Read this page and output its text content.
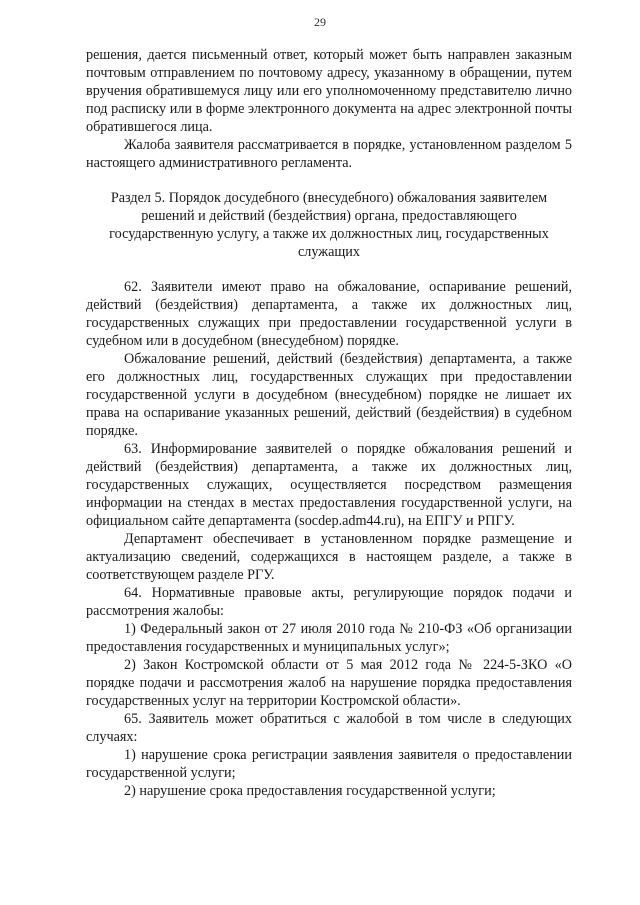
29

решения, дается письменный ответ, который может быть направлен заказным почтовым отправлением по почтовому адресу, указанному в обращении, путем вручения обратившемуся лицу или его уполномоченному представителю лично под расписку или в форме электронного документа на адрес электронной почты обратившегося лица.

Жалоба заявителя рассматривается в порядке, установленном разделом 5 настоящего административного регламента.

Раздел 5. Порядок досудебного (внесудебного) обжалования заявителем решений и действий (бездействия) органа, предоставляющего государственную услугу, а также их должностных лиц, государственных служащих

62. Заявители имеют право на обжалование, оспаривание решений, действий (бездействия) департамента, а также их должностных лиц, государственных служащих при предоставлении государственной услуги в судебном или в досудебном (внесудебном) порядке.

Обжалование решений, действий (бездействия) департамента, а также его должностных лиц, государственных служащих при предоставлении государственной услуги в досудебном (внесудебном) порядке не лишает их права на оспаривание указанных решений, действий (бездействия) в судебном порядке.

63. Информирование заявителей о порядке обжалования решений и действий (бездействия) департамента, а также их должностных лиц, государственных служащих, осуществляется посредством размещения информации на стендах в местах предоставления государственной услуги, на официальном сайте департамента (socdep.adm44.ru), на ЕПГУ и РПГУ.

Департамент обеспечивает в установленном порядке размещение и актуализацию сведений, содержащихся в настоящем разделе, а также в соответствующем разделе РГУ.

64. Нормативные правовые акты, регулирующие порядок подачи и рассмотрения жалобы:

1) Федеральный закон от 27 июля 2010 года № 210-ФЗ «Об организации предоставления государственных и муниципальных услуг»;

2) Закон Костромской области от 5 мая 2012 года № 224-5-ЗКО «О порядке подачи и рассмотрения жалоб на нарушение порядка предоставления государственных услуг на территории Костромской области».

65. Заявитель может обратиться с жалобой в том числе в следующих случаях:

1) нарушение срока регистрации заявления заявителя о предоставлении государственной услуги;

2) нарушение срока предоставления государственной услуги;
